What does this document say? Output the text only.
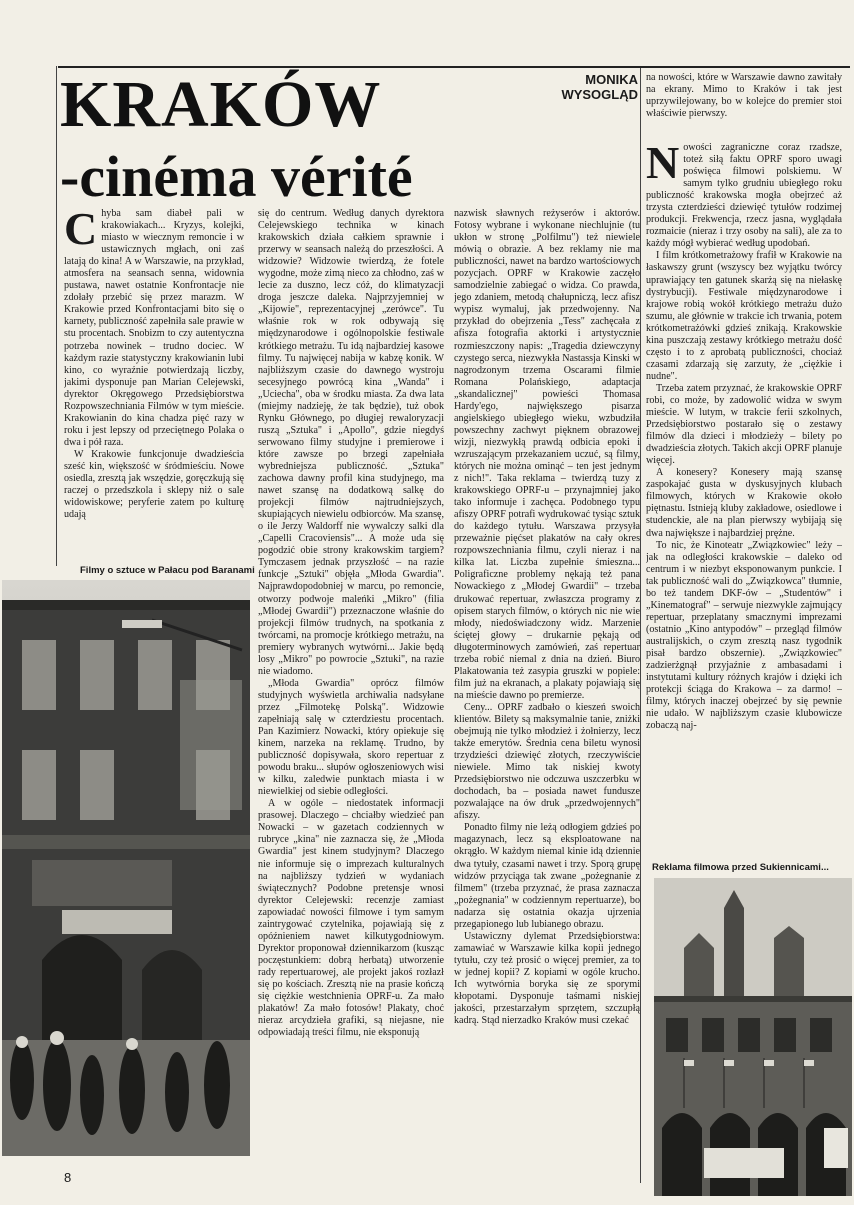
KRAKÓW
-cinéma vérité
MONIKA
WYSOGLĄD

Chyba sam diabeł pali w krakowiakach... Kryzys, kolejki, miasto w wiecznym remoncie i w ustawicznych mgłach, oni zaś latają do kina! A w Warszawie, na przykład, atmosfera na seansach senna, widownia pustawa, nawet ostatnie Konfrontacje nie zdołały przebić się przez marazm. W Krakowie przed Konfrontacjami bito się o karnety, publiczność zapełniła sale prawie w stu procentach. Snobizm to czy autentyczna potrzeba nowinek – trudno dociec. W każdym razie statystyczny krakowianin lubi kino, co wyraźnie potwierdzają liczby, jakimi dysponuje pan Marian Celejewski, dyrektor Okręgowego Przedsiębiorstwa Rozpowszechniania Filmów w tym mieście. Krakowianin do kina chadza pięć razy w roku i jest lepszy od przeciętnego Polaka o dwa i pół raza.

W Krakowie funkcjonuje dwadzieścia sześć kin, większość w śródmieściu. Nowe osiedla, zresztą jak wszędzie, goręczkują się raczej o przedszkola i sklepy niż o sale widowiskowe; peryferie zatem po kulturę udają

Filmy o sztuce w Pałacu pod Baranami

się do centrum. Według danych dyrektora Celejewskiego technika w kinach krakowskich działa całkiem sprawnie i przerwy w seansach należą do przeszłości. A widzowie? Widzowie twierdzą, że fotele wygodne, może zimą nieco za chłodno, zaś w lecie za duszno, lecz cóż, do klimatyzacji droga jeszcze daleka. Najprzyjemniej w „Kijowie", reprezentacyjnej „zerówce". Tu właśnie rok w rok odbywają się międzynarodowe i ogólnopolskie festiwale krótkiego metrażu. Tu idą najbardziej kasowe filmy. Tu najwięcej nabija w kabzę konik. W najbliższym czasie do dawnego wystroju secesyjnego powrócą kina „Wanda" i „Uciecha", oba w środku miasta. Za dwa lata (miejmy nadzieję, że tak będzie), tuż obok Rynku Głównego, po długiej rewaloryzacji ruszą „Sztuka" i „Apollo", gdzie niegdyś serwowano filmy studyjne i premierowe i które zawsze po brzegi zapełniała wybredniejsza publiczność. „Sztuka" zachowa dawny profil kina studyjnego, ma nawet szansę na dodatkową salkę do projekcji filmów najtrudniejszych, skupiających niewielu odbiorców. Ma szansę, o ile Jerzy Waldorff nie wywalczy salki dla „Capelli Cracoviensis"... A może uda się pogodzić obie strony krakowskim targiem? Tymczasem jednak przyszłość – na razie funkcje „Sztuki" objęła „Młoda Gwardia". Najprawdopodobniej w marcu, po remoncie, otworzy podwoje maleńki „Mikro" (filia „Młodej Gwardii") przeznaczone właśnie do projekcji filmów trudnych, na spotkania z twórcami, na promocje krótkiego metrażu, na premiery wybranych wytwórni... Jakie będą losy „Mikro" po powrocie „Sztuki", na razie nie wiadomo.

„Młoda Gwardia" oprócz filmów studyjnych wyświetla archiwalia nadsyłane przez „Filmotekę Polską". Widzowie zapełniają salę w czterdziestu procentach. Pan Kazimierz Nowacki, który opiekuje się kinem, narzeka na reklamę. Trudno, by publiczność dopisywała, skoro repertuar z powodu braku... słupów ogłoszeniowych wisi w kilku, zaledwie punktach miasta i w niewielkiej od siebie odległości.

A w ogóle – niedostatek informacji prasowej. Dlaczego – chciałby wiedzieć pan Nowacki – w gazetach codziennych w rubryce „kina" nie zaznacza się, że „Młoda Gwardia" jest kinem studyjnym? Dlaczego nie informuje się o imprezach kulturalnych na najbliższy tydzień w wydaniach świątecznych? Podobne pretensje wnosi dyrektor Celejewski: recenzje zamiast zapowiadać nowości filmowe i tym samym zaintrygować czytelnika, pojawiają się z opóźnieniem nawet kilkutygodniowym. Dyrektor proponował dziennikarzom (kusząc poczęstunkiem: dobrą herbatą) utworzenie rady repertuarowej, ale projekt jakoś rozłazł się po kościach. Zresztą nie na prasie kończą się ciężkie westchnienia OPRF-u. Za mało plakatów! Za mało fotosów! Plakaty, choć nieraz arcydzieła grafiki, są niejasne, nie odpowiadają treści filmu, nie eksponują

nazwisk sławnych reżyserów i aktorów. Fotosy wybrane i wykonane niechlujnie (tu ukłon w stronę „Polfilmu") też niewiele mówią o obrazie. A bez reklamy nie ma publiczności, nawet na bardzo wartościowych pozycjach. OPRF w Krakowie zaczęło samodzielnie zabiegać o widza. Co prawda, jego zdaniem, metodą chałupniczą, lecz afisz wypisz wymaluj, jak przedwojenny. Na przykład do obejrzenia „Tess" zachęcała z afisza fotografia aktorki i artystycznie rozmieszczony napis: „Tragedia dziewczyny czystego serca, niezwykła Nastassja Kinski w nagrodzonym trzema Oscarami filmie Romana Polańskiego, adaptacja „skandalicznej" powieści Thomasa Hardy'ego, największego pisarza angielskiego ubiegłego wieku, wzbudziła powszechny zachwyt pięknem obrazowej wizji, niezwykłą prawdą odbicia epoki i wzruszającym przekazaniem uczuć, są filmy, których nie można ominąć – ten jest jednym z nich!". Taka reklama – twierdzą tuzy z krakowskiego OPRF-u – przynajmniej jako tako informuje i zachęca. Podobnego typu afiszy OPRF potrafi wydrukować tysiąc sztuk do każdego tytułu. Warszawa przysyła przeważnie pięćset plakatów na cały okres rozpowszechniania filmu, czyli nieraz i na kilka lat. Liczba zupełnie śmieszna... Poligraficzne problemy nękają też pana Nowackiego z „Młodej Gwardii" – trzeba drukować repertuar, zwłaszcza programy z opisem starych filmów, o których nic nie wie młody, niedoświadczony widz. Marzenie ściętej głowy – drukarnie pękają od długoterminowych zamówień, zaś repertuar trzeba robić niemal z dnia na dzień. Biuro Plakatowania też zasypia gruszki w popiele: film już na ekranach, a plakaty pojawiają się na mieście dawno po premierze.

Ceny... OPRF zadbało o kieszeń swoich klientów. Bilety są maksymalnie tanie, zniżki obejmują nie tylko młodzież i żołnierzy, lecz także emerytów. Średnia cena biletu wynosi trzydzieści dziewięć złotych, rzeczywiście niewiele. Mimo tak niskiej kwoty Przedsiębiorstwo nie odczuwa uszczerbku w dochodach, ba – posiada nawet fundusze pozwalające na ów druk „przedwojennych" afiszy.

Ponadto filmy nie leżą odłogiem gdzieś po magazynach, lecz są eksploatowane na okrągło. W każdym niemal kinie idą dziennie dwa tytuły, czasami nawet i trzy. Sporą grupę widzów przyciąga tak zwane „pożegnanie z filmem" (trzeba przyznać, że prasa zaznacza „pożegnania" w codziennym repertuarze), bo nadarza się ostatnia okazja ujrzenia przegapionego lub lubianego obrazu.

Ustawiczny dylemat Przedsiębiorstwa: zamawiać w Warszawie kilka kopii jednego tytułu, czy też prosić o więcej premier, za to w jednej kopii? Z kopiami w ogóle krucho. Ich wytwórnia boryka się ze sporymi kłopotami. Dysponuje taśmami niskiej jakości, przestarzałym sprzętem, szczupłą kadrą. Stąd nierzadko Kraków musi czekać

na nowości, które w Warszawie dawno zawitały na ekrany. Mimo to Kraków i tak jest uprzywilejowany, bo w kolejce do premier stoi właściwie pierwszy.

Nowości zagraniczne coraz rzadsze, toteż siłą faktu OPRF sporo uwagi poświęca filmowi polskiemu. W samym tylko grudniu ubiegłego roku publiczność krakowska mogła obejrzeć aż trzysta czterdzieści dziewięć tytułów rodzimej produkcji. Frekwencja, rzecz jasna, wyglądała rozmaicie (nieraz i trzy osoby na sali), ale za to każdy mógł wybierać według upodobań.

I film krótkometrażowy frafił w Krakowie na łaskawszy grunt (wszyscy bez wyjątku twórcy uprawiający ten gatunek skarżą się na niełaskę dystrybucji). Festiwale międzynarodowe i krajowe robią wokół krótkiego metrażu dużo szumu, ale głównie w trakcie ich trwania, potem krótkometrażówki gdzieś znikają. Krakowskie kina puszczają zestawy krótkiego metrażu dość często i to z aprobatą publiczności, chociaż czasami zdarzają się zarzuty, że „ciężkie i nudne".

Trzeba zatem przyznać, że krakowskie OPRF robi, co może, by zadowolić widza w swym mieście. W lutym, w trakcie ferii szkolnych, Przedsiębiorstwo postarało się o zestawy filmów dla dzieci i młodzieży – bilety po dwadzieścia złotych. Takich akcji OPRF planuje więcej.

A konesery? Konesery mają szansę zaspokajać gusta w dyskusyjnych klubach filmowych, których w Krakowie około piętnastu. Istnieją kluby zakładowe, osiedlowe i studenckie, ale na plan pierwszy wybijają się dwa największe i najbardziej prężne.

To nic, że Kinoteatr „Związkowiec" leży – jak na odległości krakowskie – daleko od centrum i w niezbyt eksponowanym punkcie. I tak publiczność wali do „Związkowca" tłumnie, bo też tandem DKF-ów – „Studentów" i „Kinematograf" – serwuje niezwykle zajmujący repertuar, przeplatany smacznymi imprezami (ostatnio „Kino antypodów" – przegląd filmów australijskich, o czym zresztą nasz tygodnik pisał bardzo obszernie). „Związkowiec" zadzierżgnął przyjaźnie z ambasadami i instytutami kultury różnych krajów i dzięki ich protekcji ściąga do Krakowa – za darmo! – filmy, których inaczej obejrzeć by się pewnie nie udało. W najbliższym czasie klubowicze zobaczą naj-

Reklama filmowa przed Sukiennicami...
8
